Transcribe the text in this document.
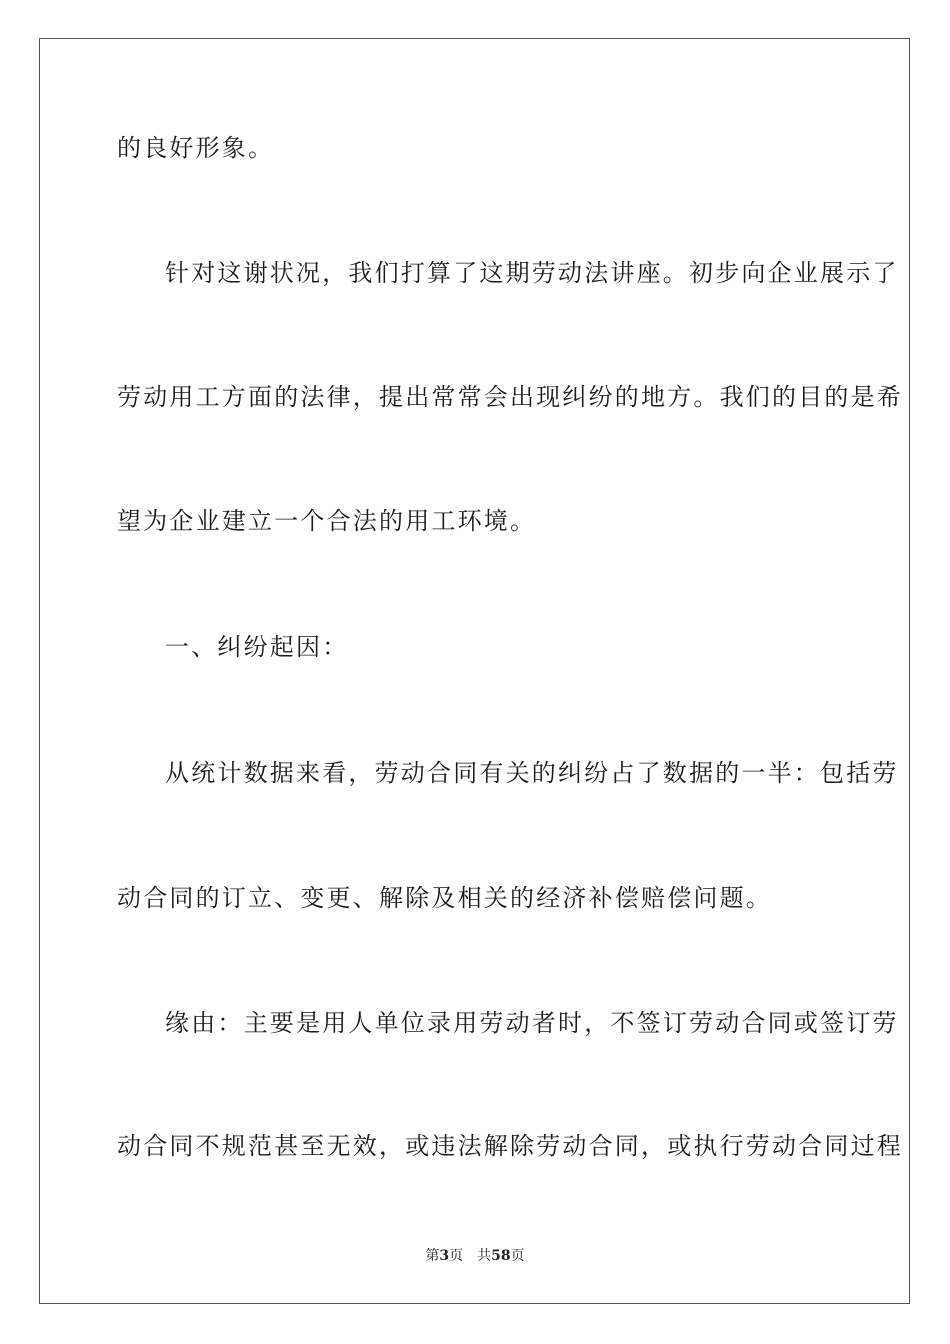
的良好形象。
针对这谢状况，我们打算了这期劳动法讲座。初步向企业展示了
劳动用工方面的法律，提出常常会出现纠纷的地方。我们的目的是希
望为企业建立一个合法的用工环境。
一、纠纷起因：
从统计数据来看，劳动合同有关的纠纷占了数据的一半：包括劳
动合同的订立、变更、解除及相关的经济补偿赔偿问题。
缘由：主要是用人单位录用劳动者时，不签订劳动合同或签订劳
动合同不规范甚至无效，或违法解除劳动合同，或执行劳动合同过程
第3页 共58页
